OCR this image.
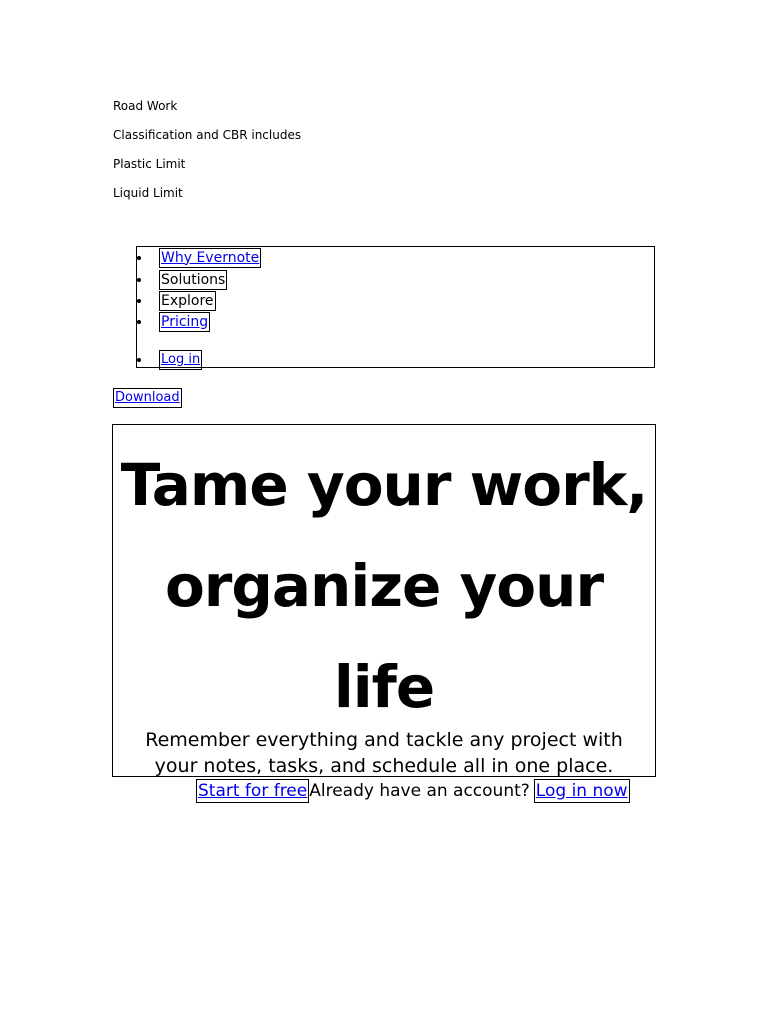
Road Work

Classification and CBR includes

Plastic Limit

Liquid Limit

Why Evernote
Solutions
Explore
Pricing
Log in
Download
Tame your work, organize your life

Remember everything and tackle any project with your notes, tasks, and schedule all in one place.

Start for free Already have an account? Log in now
